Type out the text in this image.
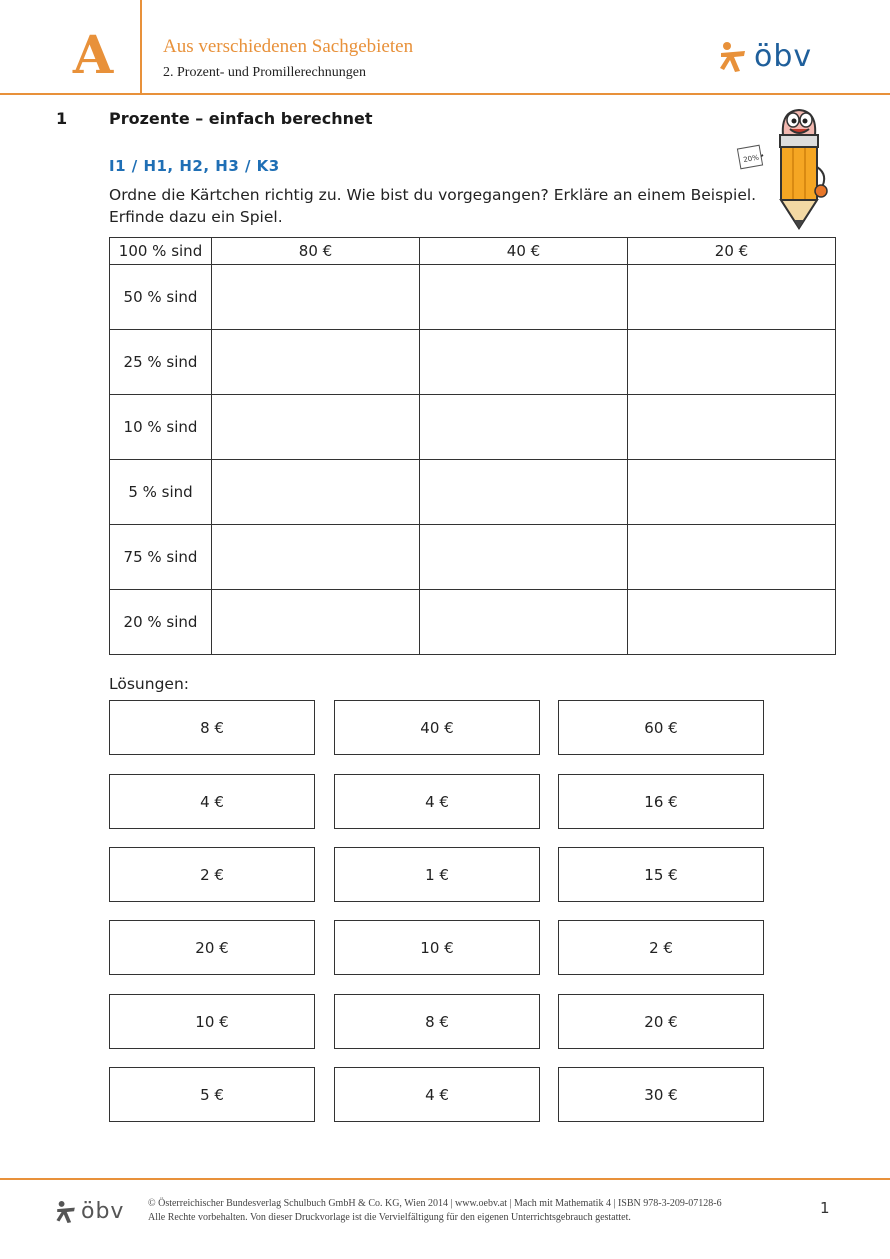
A	Aus verschiedenen Sachgebieten
2. Prozent- und Promillerechnungen	öbv
1	Prozente – einfach berechnet
I1 / H1, H2, H3 / K3
Ordne die Kärtchen richtig zu. Wie bist du vorgegangen? Erkläre an einem Beispiel.
Erfinde dazu ein Spiel.
20%
100 % sind	80 €	40 €	20 €
50 % sind			
25 % sind			
10 % sind			
5 % sind			
75 % sind			
20 % sind			
Lösungen:
8 €	40 €	60 €
4 €	4 €	16 €
2 €	1 €	15 €
20 €	10 €	2 €
10 €	8 €	20 €
5 €	4 €	30 €
öbv © Österreichischer Bundesverlag Schulbuch GmbH & Co. KG, Wien 2014 | www.oebv.at | Mach mit Mathematik 4 | ISBN 978-3-209-07128-6
Alle Rechte vorbehalten. Von dieser Druckvorlage ist die Vervielfältigung für den eigenen Unterrichtsgebrauch gestattet.
1
